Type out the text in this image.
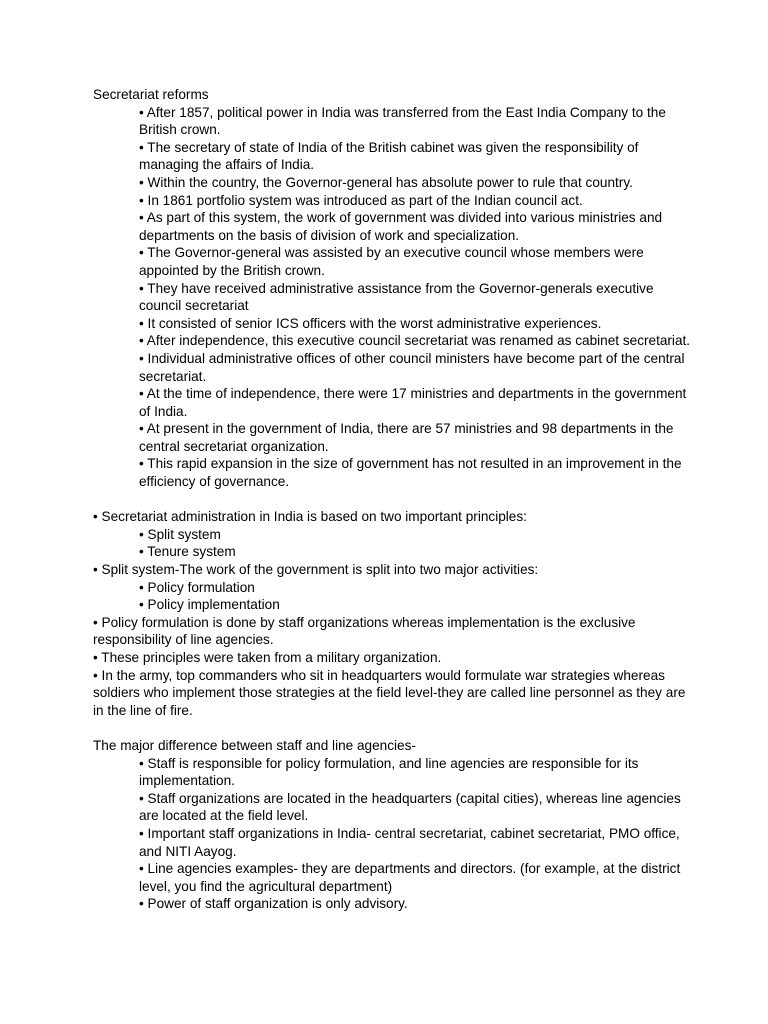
Secretariat reforms

• After 1857, political power in India was transferred from the East India Company to the British crown.

• The secretary of state of India of the British cabinet was given the responsibility of managing the affairs of India.

• Within the country, the Governor-general has absolute power to rule that country.

• In 1861 portfolio system was introduced as part of the Indian council act.

• As part of this system, the work of government was divided into various ministries and departments on the basis of division of work and specialization.

• The Governor-general was assisted by an executive council whose members were appointed by the British crown.

• They have received administrative assistance from the Governor-generals executive council secretariat

• It consisted of senior ICS officers with the worst administrative experiences.

• After independence, this executive council secretariat was renamed as cabinet secretariat.

• Individual administrative offices of other council ministers have become part of the central secretariat.

• At the time of independence, there were 17 ministries and departments in the government of India.

• At present in the government of India, there are 57 ministries and 98 departments in the central secretariat organization.

• This rapid expansion in the size of government has not resulted in an improvement in the efficiency of governance.

• Secretariat administration in India is based on two important principles:

• Split system

• Tenure system

• Split system-The work of the government is split into two major activities:

• Policy formulation

• Policy implementation

• Policy formulation is done by staff organizations whereas implementation is the exclusive responsibility of line agencies.

• These principles were taken from a military organization.

• In the army, top commanders who sit in headquarters would formulate war strategies whereas soldiers who implement those strategies at the field level-they are called line personnel as they are in the line of fire.

The major difference between staff and line agencies-

• Staff is responsible for policy formulation, and line agencies are responsible for its implementation.

• Staff organizations are located in the headquarters (capital cities), whereas line agencies are located at the field level.

• Important staff organizations in India- central secretariat, cabinet secretariat, PMO office, and NITI Aayog.

• Line agencies examples- they are departments and directors. (for example, at the district level, you find the agricultural department)

• Power of staff organization is only advisory.
